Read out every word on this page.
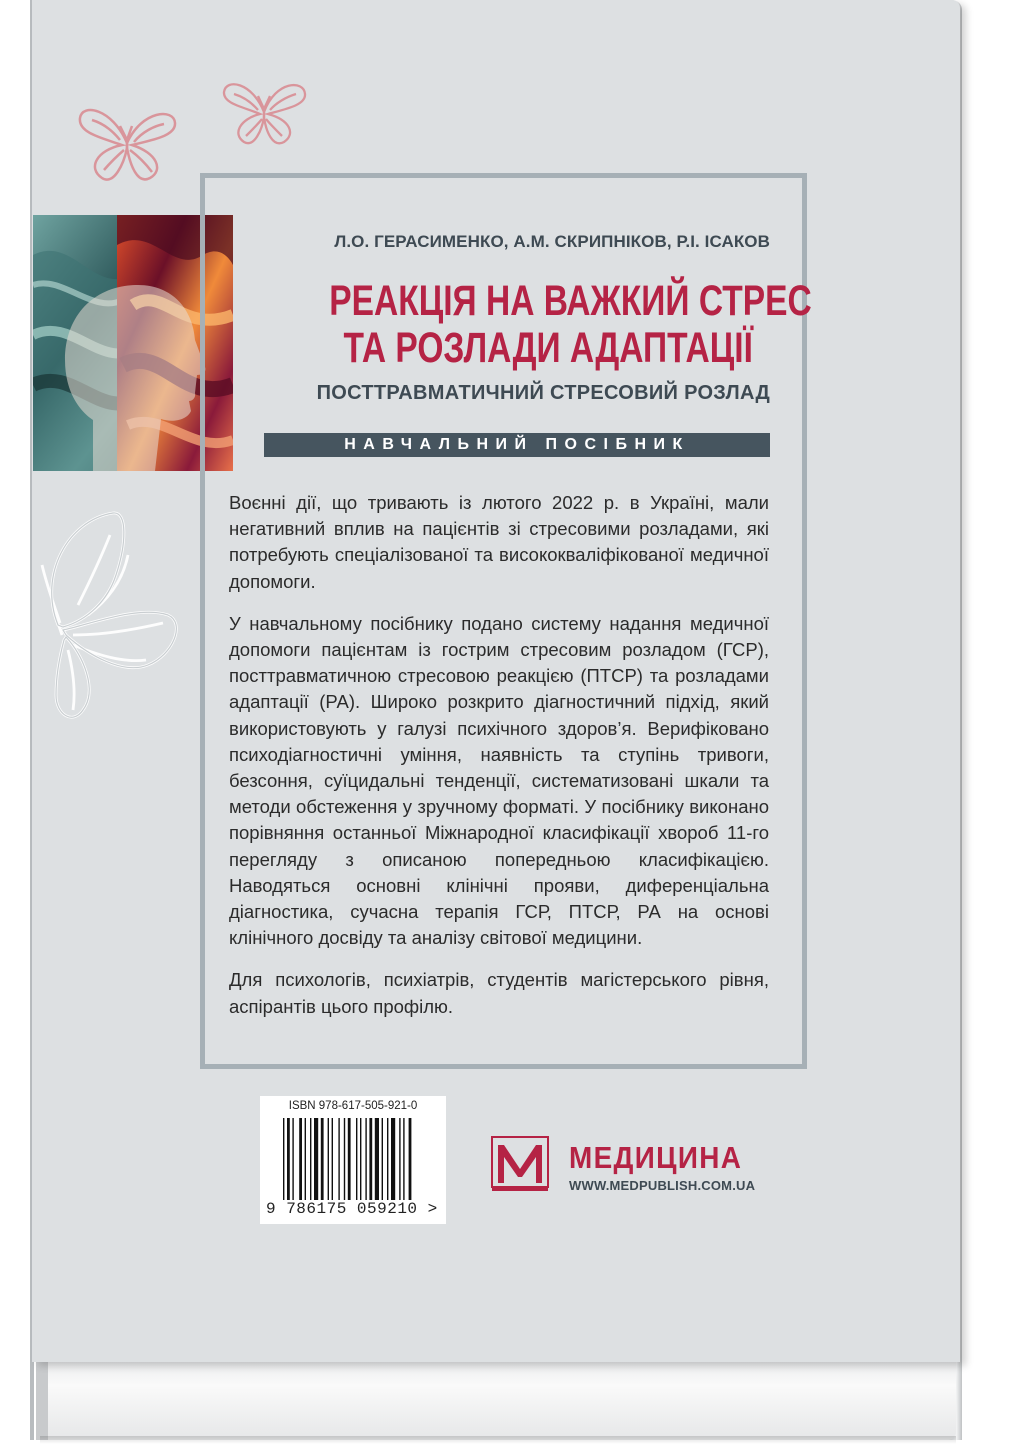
Л.О. ГЕРАСИМЕНКО, А.М. СКРИПНІКОВ, Р.І. ІСАКОВ
РЕАКЦІЯ НА ВАЖКИЙ СТРЕС
ТА РОЗЛАДИ АДАПТАЦІЇ
ПОСТТРАВМАТИЧНИЙ СТРЕСОВИЙ РОЗЛАД
НАВЧАЛЬНИЙ ПОСІБНИК

Воєнні дії, що тривають із лютого 2022 р. в Україні, мали негативний вплив на пацієнтів зі стресовими розладами, які потребують спеціалізованої та висококваліфікованої медичної допомоги.

У навчальному посібнику подано систему надання медичної допомоги пацієнтам із гострим стресовим розладом (ГСР), посттравматичною стресовою реакцією (ПТСР) та розладами адаптації (РА). Широко розкрито діагностичний підхід, який використовують у галузі психічного здоров’я. Верифіковано психодіагностичні уміння, наявність та ступінь тривоги, безсоння, суїцидальні тенденції, систематизовані шкали та методи обстеження у зручному форматі. У посібнику виконано порівняння останньої Міжнародної класифікації хвороб 11-го перегляду з описаною попередньою класифікацією. Наводяться основні клінічні прояви, диференціальна діагностика, сучасна терапія ГСР, ПТСР, РА на основі клінічного досвіду та аналізу світової медицини.

Для психологів, психіатрів, студентів магістерського рівня, аспірантів цього профілю.

ISBN 978-617-505-921-0
9 786175 059210 >
МЕДИЦИНА
WWW.MEDPUBLISH.COM.UA
